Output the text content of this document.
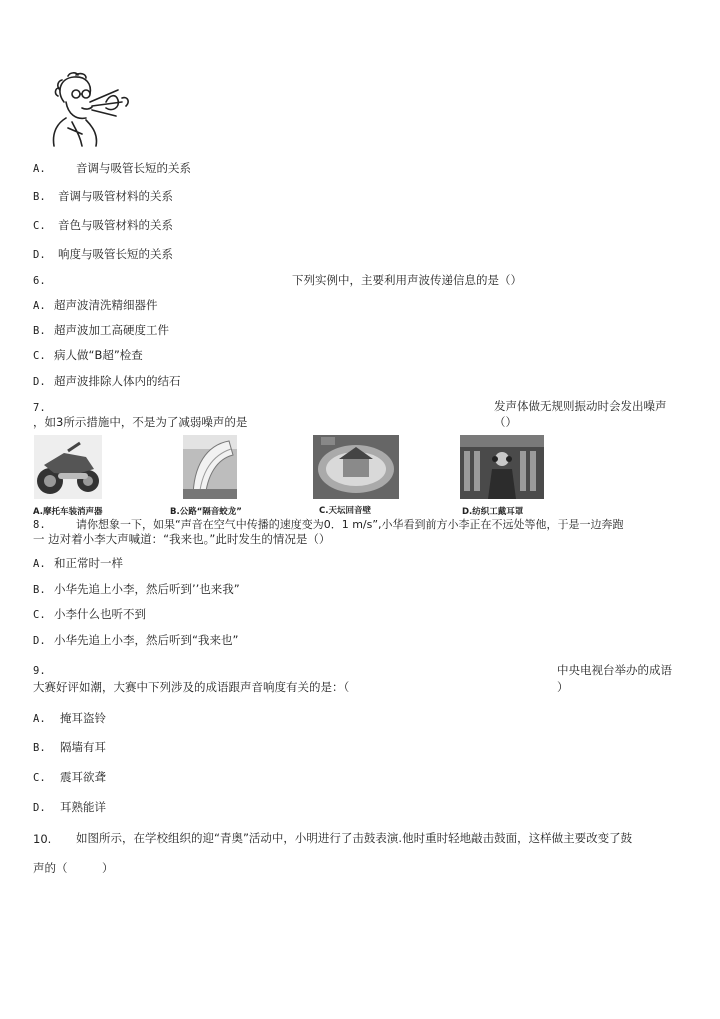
A.	音调与吸管长短的关系
B. 音调与吸管材料的关系
C. 音色与吸管材料的关系
D. 响度与吸管长短的关系
6.	下列实例中，主要利用声波传递信息的是（）
A. 超声波清洗精细器件
B. 超声波加工高硬度工件
C. 病人做“B超”检查
D. 超声波排除人体内的结石
7.	发声体做无规则振动时会发出噪声
，如3所示措施中，不是为了减弱噪声的是	（）
A.摩托车装消声器	B.公路“隔音蛟龙”	C.天坛回音壁	D.纺织工戴耳罩
8.	请你想象一下，如果“声音在空气中传播的速度变为0．1 m/s”,小华看到前方小李正在不远处等他，于是一边奔跑
一 边对着小李大声喊道：“我来也。”此时发生的情况是（）
A. 和正常时一样
B. 小华先追上小李，然后听到’’也来我”
C. 小李什么也听不到
D. 小华先追上小李，然后听到“我来也”
9.	中央电视台举办的成语
大赛好评如潮，大赛中下列涉及的成语跟声音响度有关的是：（	）
A. 掩耳盗铃
B. 隔墙有耳
C. 震耳欲聋
D. 耳熟能详
10. 如图所示，在学校组织的迎“青奥”活动中，小明进行了击鼓表演.他时重时轻地敲击鼓面，这样做主要改变了鼓
声的（　　　）
